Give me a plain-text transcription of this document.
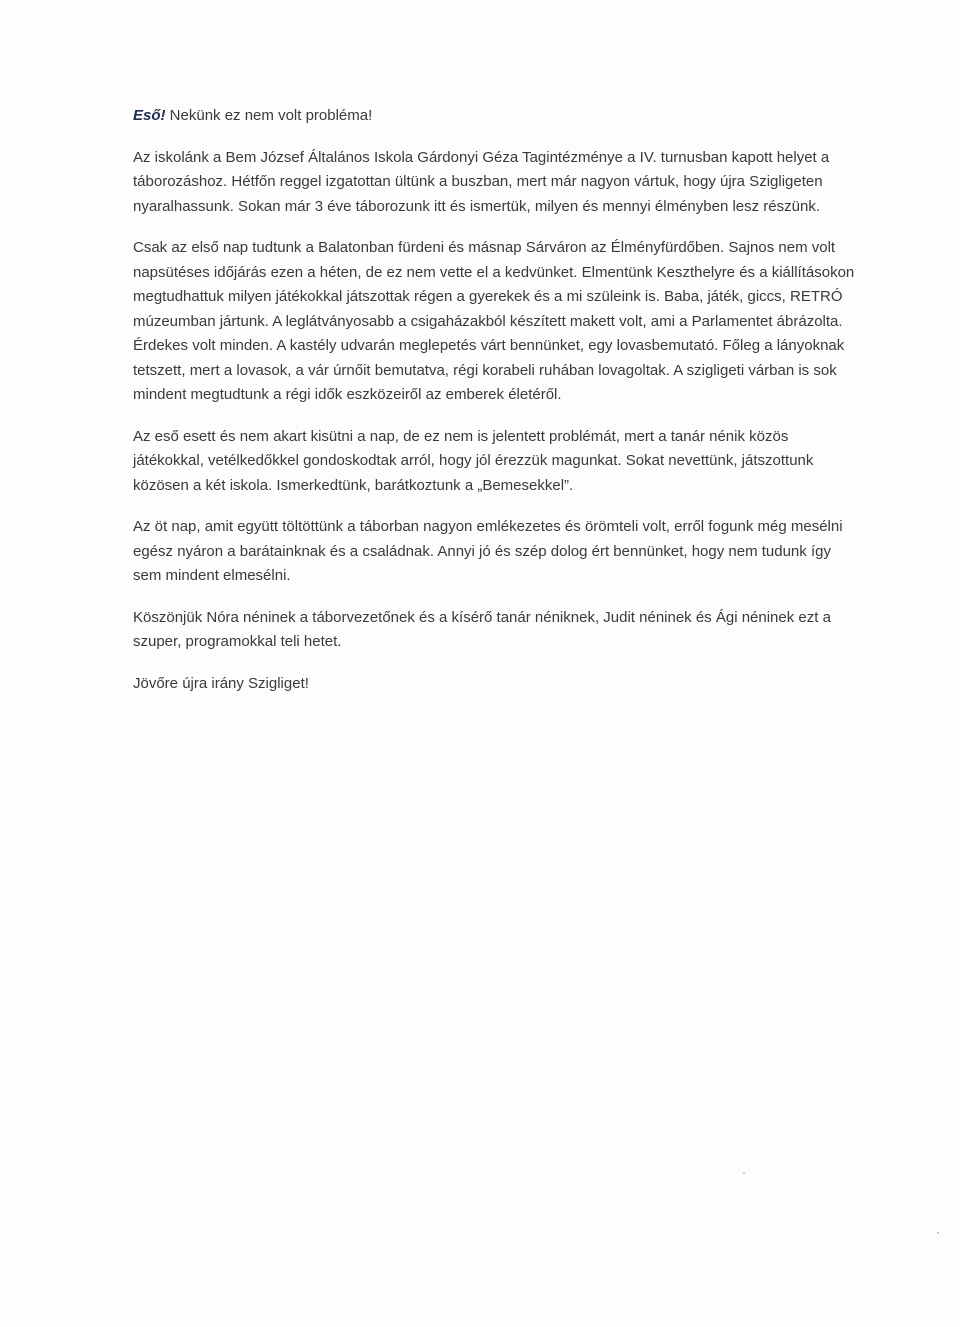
Eső! Nekünk ez nem volt probléma!

Az iskolánk a Bem József Általános Iskola Gárdonyi Géza Tagintézménye a IV. turnusban kapott helyet a táborozáshoz. Hétfőn reggel izgatottan ültünk a buszban, mert már nagyon vártuk, hogy újra Szigligeten nyaralhassunk. Sokan már 3 éve táborozunk itt és ismertük, milyen és mennyi élményben lesz részünk.

Csak az első nap tudtunk a Balatonban fürdeni és másnap Sárváron az Élményfürdőben. Sajnos nem volt napsütéses időjárás ezen a héten, de ez nem vette el a kedvünket. Elmentünk Keszthelyre és a kiállításokon megtudhattuk milyen játékokkal játszottak régen a gyerekek és a mi szüleink is. Baba, játék, giccs, RETRÓ múzeumban jártunk. A leglátványosabb a csigaházakból készített makett volt, ami a Parlamentet ábrázolta. Érdekes volt minden. A kastély udvarán meglepetés várt bennünket, egy lovasbemutató. Főleg a lányoknak tetszett, mert a lovasok, a vár úrnőit bemutatva, régi korabeli ruhában lovagoltak. A szigligeti várban is sok mindent megtudtunk a régi idők eszközeiről az emberek életéről.

Az eső esett és nem akart kisütni a nap, de ez nem is jelentett problémát, mert a tanár nénik közös játékokkal, vetélkedőkkel gondoskodtak arról, hogy jól érezzük magunkat. Sokat nevettünk, játszottunk közösen a két iskola. Ismerkedtünk, barátkoztunk a „Bemesekkel”.

Az öt nap, amit együtt töltöttünk a táborban nagyon emlékezetes és örömteli volt, erről fogunk még mesélni egész nyáron a barátainknak és a családnak. Annyi jó és szép dolog ért bennünket, hogy nem tudunk így sem mindent elmesélni.

Köszönjük Nóra néninek a táborvezetőnek és a kísérő tanár néniknek, Judit néninek és Ági néninek ezt a szuper, programokkal teli hetet.

Jövőre újra irány Szigliget!
